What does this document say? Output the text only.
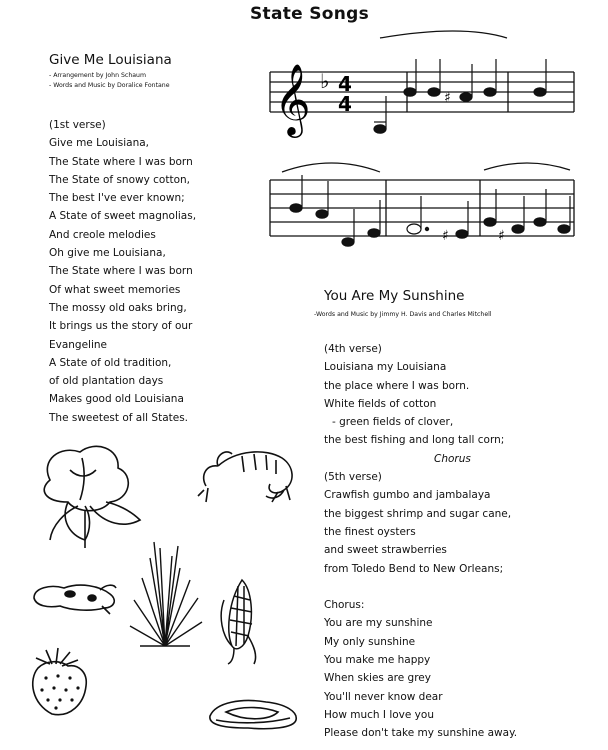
State Songs
Give Me Louisiana
- Arrangement by John Schaum
- Words and Music by Doralice Fontane
(1st verse)
Give me Louisiana,
The State where I was born
The State of snowy cotton,
The best I've ever known;
A State of sweet magnolias,
And creole melodies
Oh give me Louisiana,
The State where I was born
Of what sweet memories
The mossy old oaks bring,
It brings us the story of our
Evangeline
A State of old tradition,
of old plantation days
Makes good old Louisiana
The sweetest of all States.
𝄞 ♭ 4
4	♯
♯	♯
You Are My Sunshine
-Words and Music by Jimmy H. Davis and Charles Mitchell
(4th verse)
Louisiana my Louisiana
the place where I was born.
White fields of cotton
- green fields of clover,
the best fishing and long tall corn;
Chorus
(5th verse)
Crawfish gumbo and jambalaya
the biggest shrimp and sugar cane,
the finest oysters
and sweet strawberries
from Toledo Bend to New Orleans;
Chorus:
You are my sunshine
My only sunshine
You make me happy
When skies are grey
You'll never know dear
How much I love you
Please don't take my sunshine away.
